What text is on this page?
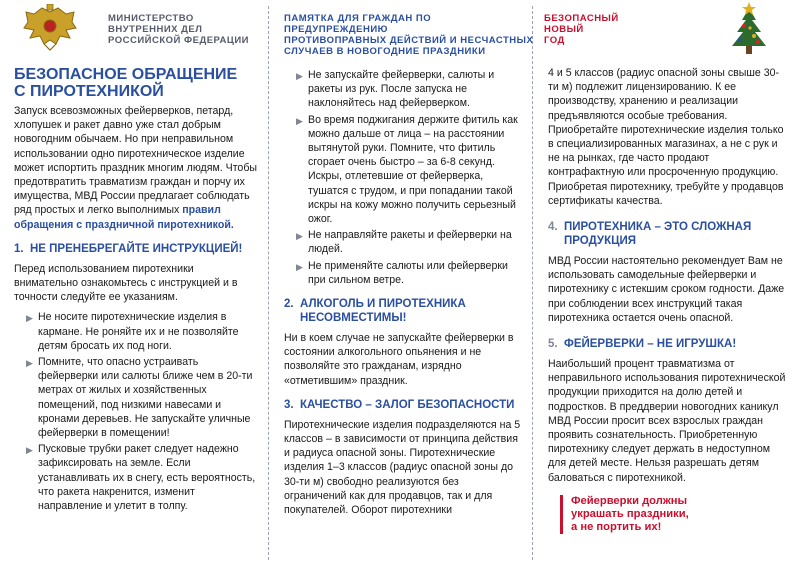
МИНИСТЕРСТВО
ВНУТРЕННИХ ДЕЛ
РОССИЙСКОЙ ФЕДЕРАЦИИ
БЕЗОПАСНОЕ ОБРАЩЕНИЕ
С ПИРОТЕХНИКОЙ

Запуск всевозможных фейерверков, петард, хлопушек и ракет давно уже стал добрым новогодним обычаем. Но при неправильном использовании одно пиротехническое изделие может испортить праздник многим людям. Чтобы предотвратить травматизм граждан и порчу их имущества, МВД России предлагает соблюдать ряд простых и легко выполнимых правил обращения с праздничной пиротехникой.

1. НЕ ПРЕНЕБРЕГАЙТЕ ИНСТРУКЦИЕЙ!

Перед использованием пиротехники внимательно ознакомьтесь с инструкцией и в точности следуйте ее указаниям.

▶ Не носите пиротехнические изделия в кармане. Не роняйте их и не позволяйте детям бросать их под ноги.
▶ Помните, что опасно устраивать фейерверки или салюты ближе чем в 20-ти метрах от жилых и хозяйственных помещений, под низкими навесами и кронами деревьев. Не запускайте уличные фейерверки в помещении!
▶ Пусковые трубки ракет следует надежно зафиксировать на земле. Если устанавливать их в снегу, есть вероятность, что ракета накренится, изменит направление и улетит в толпу.
ПАМЯТКА ДЛЯ ГРАЖДАН ПО ПРЕДУПРЕЖДЕНИЮ
ПРОТИВОПРАВНЫХ ДЕЙСТВИЙ И НЕСЧАСТНЫХ
СЛУЧАЕВ В НОВОГОДНИЕ ПРАЗДНИКИ
▶ Не запускайте фейерверки, салюты и ракеты из рук. После запуска не наклоняйтесь над фейерверком.
▶ Во время поджигания держите фитиль как можно дальше от лица – на расстоянии вытянутой руки. Помните, что фитиль сгорает очень быстро – за 6-8 секунд. Искры, отлетевшие от фейерверка, тушатся с трудом, и при попадании такой искры на кожу можно получить серьезный ожог.
▶ Не направляйте ракеты и фейерверки на людей.
▶ Не применяйте салюты или фейерверки при сильном ветре.
2. АЛКОГОЛЬ И ПИРОТЕХНИКА НЕСОВМЕСТИМЫ!

Ни в коем случае не запускайте фейерверки в состоянии алкогольного опьянения и не позволяйте это гражданам, изрядно «отметившим» праздник.

3. КАЧЕСТВО – ЗАЛОГ БЕЗОПАСНОСТИ

Пиротехнические изделия подразделяются на 5 классов – в зависимости от принципа действия и радиуса опасной зоны. Пиротехнические изделия 1–3 классов (радиус опасной зоны до 30-ти м) свободно реализуются без ограничений как для продавцов, так и для покупателей. Оборот пиротехники

БЕЗОПАСНЫЙ
НОВЫЙ
ГОД

4 и 5 классов (радиус опасной зоны свыше 30-ти м) подлежит лицензированию. К ее производству, хранению и реализации предъявляются особые требования. Приобретайте пиротехнические изделия только в специализированных магазинах, а не с рук и не на рынках, где часто продают контрафактную или просроченную продукцию. Приобретая пиротехнику, требуйте у продавцов сертификаты качества.

4. ПИРОТЕХНИКА – ЭТО СЛОЖНАЯ ПРОДУКЦИЯ

МВД России настоятельно рекомендует Вам не использовать самодельные фейерверки и пиротехнику с истекшим сроком годности. Даже при соблюдении всех инструкций такая пиротехника остается очень опасной.

5. ФЕЙЕРВЕРКИ – НЕ ИГРУШКА!

Наибольший процент травматизма от неправильного использования пиротехнической продукции приходится на долю детей и подростков. В преддверии новогодних каникул МВД России просит всех взрослых граждан проявить сознательность. Приобретенную пиротехнику следует держать в недоступном для детей месте. Нельзя разрешать детям баловаться с пиротехникой.

Фейерверки должны
украшать праздники,
а не портить их!
